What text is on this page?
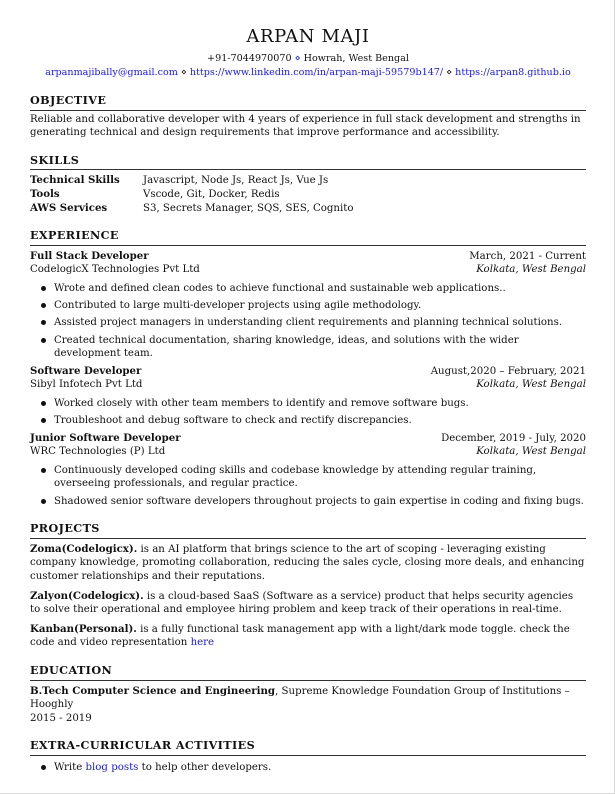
ARPAN MAJI
+91-7044970070 ⋄ Howrah, West Bengal
arpanmajibally@gmail.com ⋄ https://www.linkedin.com/in/arpan-maji-59579b147/ ⋄ https://arpan8.github.io
OBJECTIVE
Reliable and collaborative developer with 4 years of experience in full stack development and strengths in generating technical and design requirements that improve performance and accessibility.
SKILLS
Technical Skills	Javascript, Node Js, React Js, Vue Js
Tools	Vscode, Git, Docker, Redis
AWS Services	S3, Secrets Manager, SQS, SES, Cognito
EXPERIENCE
Full Stack Developer	March, 2021 - Current
CodelogicX Technologies Pvt Ltd	Kolkata, West Bengal
Wrote and defined clean codes to achieve functional and sustainable web applications..
Contributed to large multi-developer projects using agile methodology.
Assisted project managers in understanding client requirements and planning technical solutions.
Created technical documentation, sharing knowledge, ideas, and solutions with the wider development team.
Software Developer	August,2020 – February, 2021
Sibyl Infotech Pvt Ltd	Kolkata, West Bengal
Worked closely with other team members to identify and remove software bugs.
Troubleshoot and debug software to check and rectify discrepancies.
Junior Software Developer	December, 2019 - July, 2020
WRC Technologies (P) Ltd	Kolkata, West Bengal
Continuously developed coding skills and codebase knowledge by attending regular training, overseeing professionals, and regular practice.
Shadowed senior software developers throughout projects to gain expertise in coding and fixing bugs.
PROJECTS
Zoma(Codelogicx). is an AI platform that brings science to the art of scoping - leveraging existing company knowledge, promoting collaboration, reducing the sales cycle, closing more deals, and enhancing customer relationships and their reputations.
Zalyon(Codelogicx). is a cloud-based SaaS (Software as a service) product that helps security agencies to solve their operational and employee hiring problem and keep track of their operations in real-time.
Kanban(Personal). is a fully functional task management app with a light/dark mode toggle. check the code and video representation here
EDUCATION
B.Tech Computer Science and Engineering, Supreme Knowledge Foundation Group of Institutions – Hooghly
2015 - 2019
EXTRA-CURRICULAR ACTIVITIES
Write blog posts to help other developers.
